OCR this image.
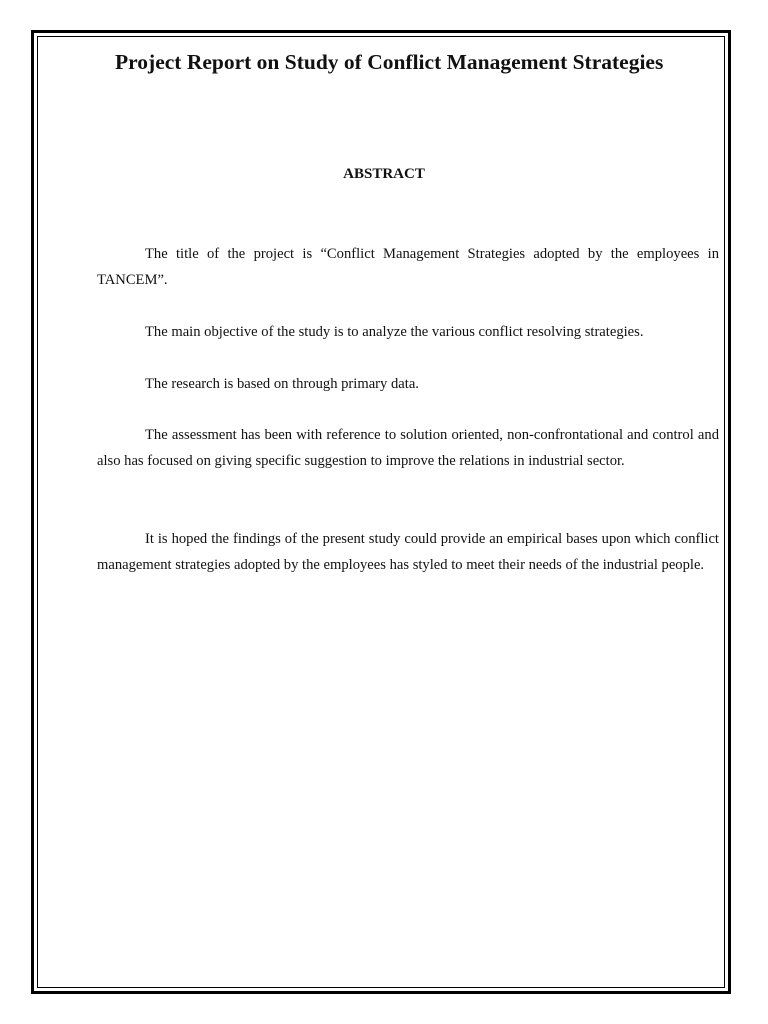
Project Report on Study of Conflict Management Strategies
ABSTRACT

The title of the project is “Conflict Management Strategies adopted by the employees in TANCEM”.

The main objective of the study is to analyze the various conflict resolving strategies.

The research is based on through primary data.

The assessment has been with reference to solution oriented, non-confrontational and control and also has focused on giving specific suggestion to improve the relations in industrial sector.

It is hoped the findings of the present study could provide an empirical bases upon which conflict management strategies adopted by the employees has styled to meet their needs of the industrial people.
